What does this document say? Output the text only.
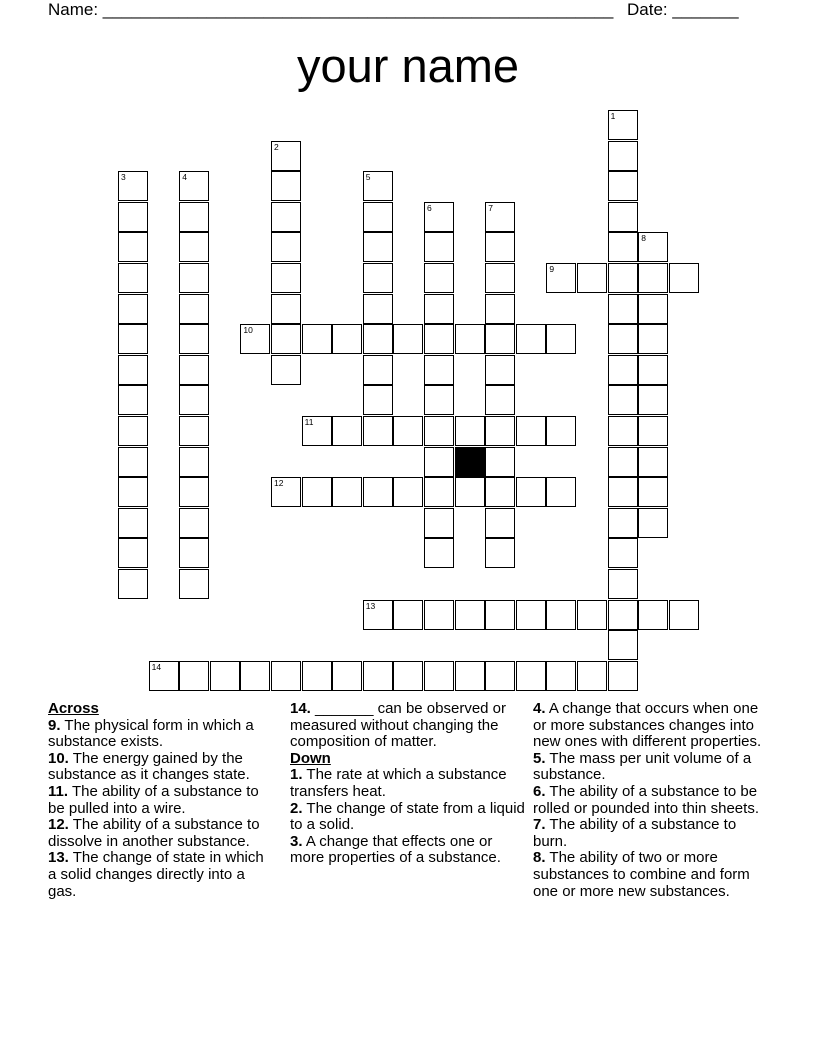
Name: ______________________________________________________ Date: _______
your name
1
2
3	4	5
6	7
8
9
10
11
12
13
14
Across
9. The physical form in which a substance exists.
10. The energy gained by the substance as it changes state.
11. The ability of a substance to be pulled into a wire.
12. The ability of a substance to dissolve in another substance.
13. The change of state in which a solid changes directly into a gas.
14. _______ can be observed or measured without changing the composition of matter.
Down
1. The rate at which a substance transfers heat.
2. The change of state from a liquid to a solid.
3. A change that effects one or more properties of a substance.
4. A change that occurs when one or more substances changes into new ones with different properties.
5. The mass per unit volume of a substance.
6. The ability of a substance to be rolled or pounded into thin sheets.
7. The ability of a substance to burn.
8. The ability of two or more substances to combine and form one or more new substances.
